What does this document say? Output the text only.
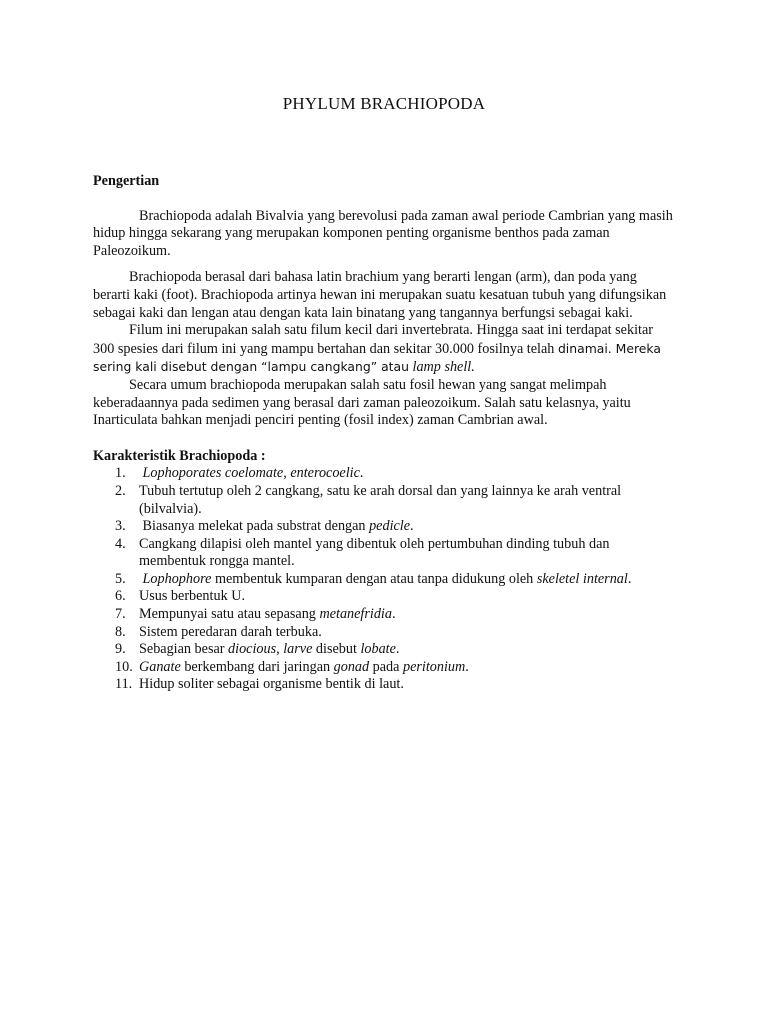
PHYLUM BRACHIOPODA

Pengertian

Brachiopoda adalah Bivalvia yang berevolusi pada zaman awal periode Cambrian yang masih hidup hingga sekarang yang merupakan komponen penting organisme benthos pada zaman Paleozoikum.

Brachiopoda berasal dari bahasa latin brachium yang berarti lengan (arm), dan poda yang berarti kaki (foot). Brachiopoda artinya hewan ini merupakan suatu kesatuan tubuh yang difungsikan sebagai kaki dan lengan atau dengan kata lain binatang yang tangannya berfungsi sebagai kaki.

Filum ini merupakan salah satu filum kecil dari invertebrata. Hingga saat ini terdapat sekitar 300 spesies dari filum ini yang mampu bertahan dan sekitar 30.000 fosilnya telah dinamai. Mereka sering kali disebut dengan “lampu cangkang” atau lamp shell.

Secara umum brachiopoda merupakan salah satu fosil hewan yang sangat melimpah keberadaannya pada sedimen yang berasal dari zaman paleozoikum. Salah satu kelasnya, yaitu Inarticulata bahkan menjadi penciri penting (fosil index) zaman Cambrian awal.

Karakteristik Brachiopoda :

1. Lophoporates coelomate, enterocoelic.
2. Tubuh tertutup oleh 2 cangkang, satu ke arah dorsal dan yang lainnya ke arah ventral (bilvalvia).
3. Biasanya melekat pada substrat dengan pedicle.
4. Cangkang dilapisi oleh mantel yang dibentuk oleh pertumbuhan dinding tubuh dan membentuk rongga mantel.
5. Lophophore membentuk kumparan dengan atau tanpa didukung oleh skeletel internal.
6. Usus berbentuk U.
7. Mempunyai satu atau sepasang metanefridia.
8. Sistem peredaran darah terbuka.
9. Sebagian besar diocious, larve disebut lobate.
10. Ganate berkembang dari jaringan gonad pada peritonium.
11. Hidup soliter sebagai organisme bentik di laut.
